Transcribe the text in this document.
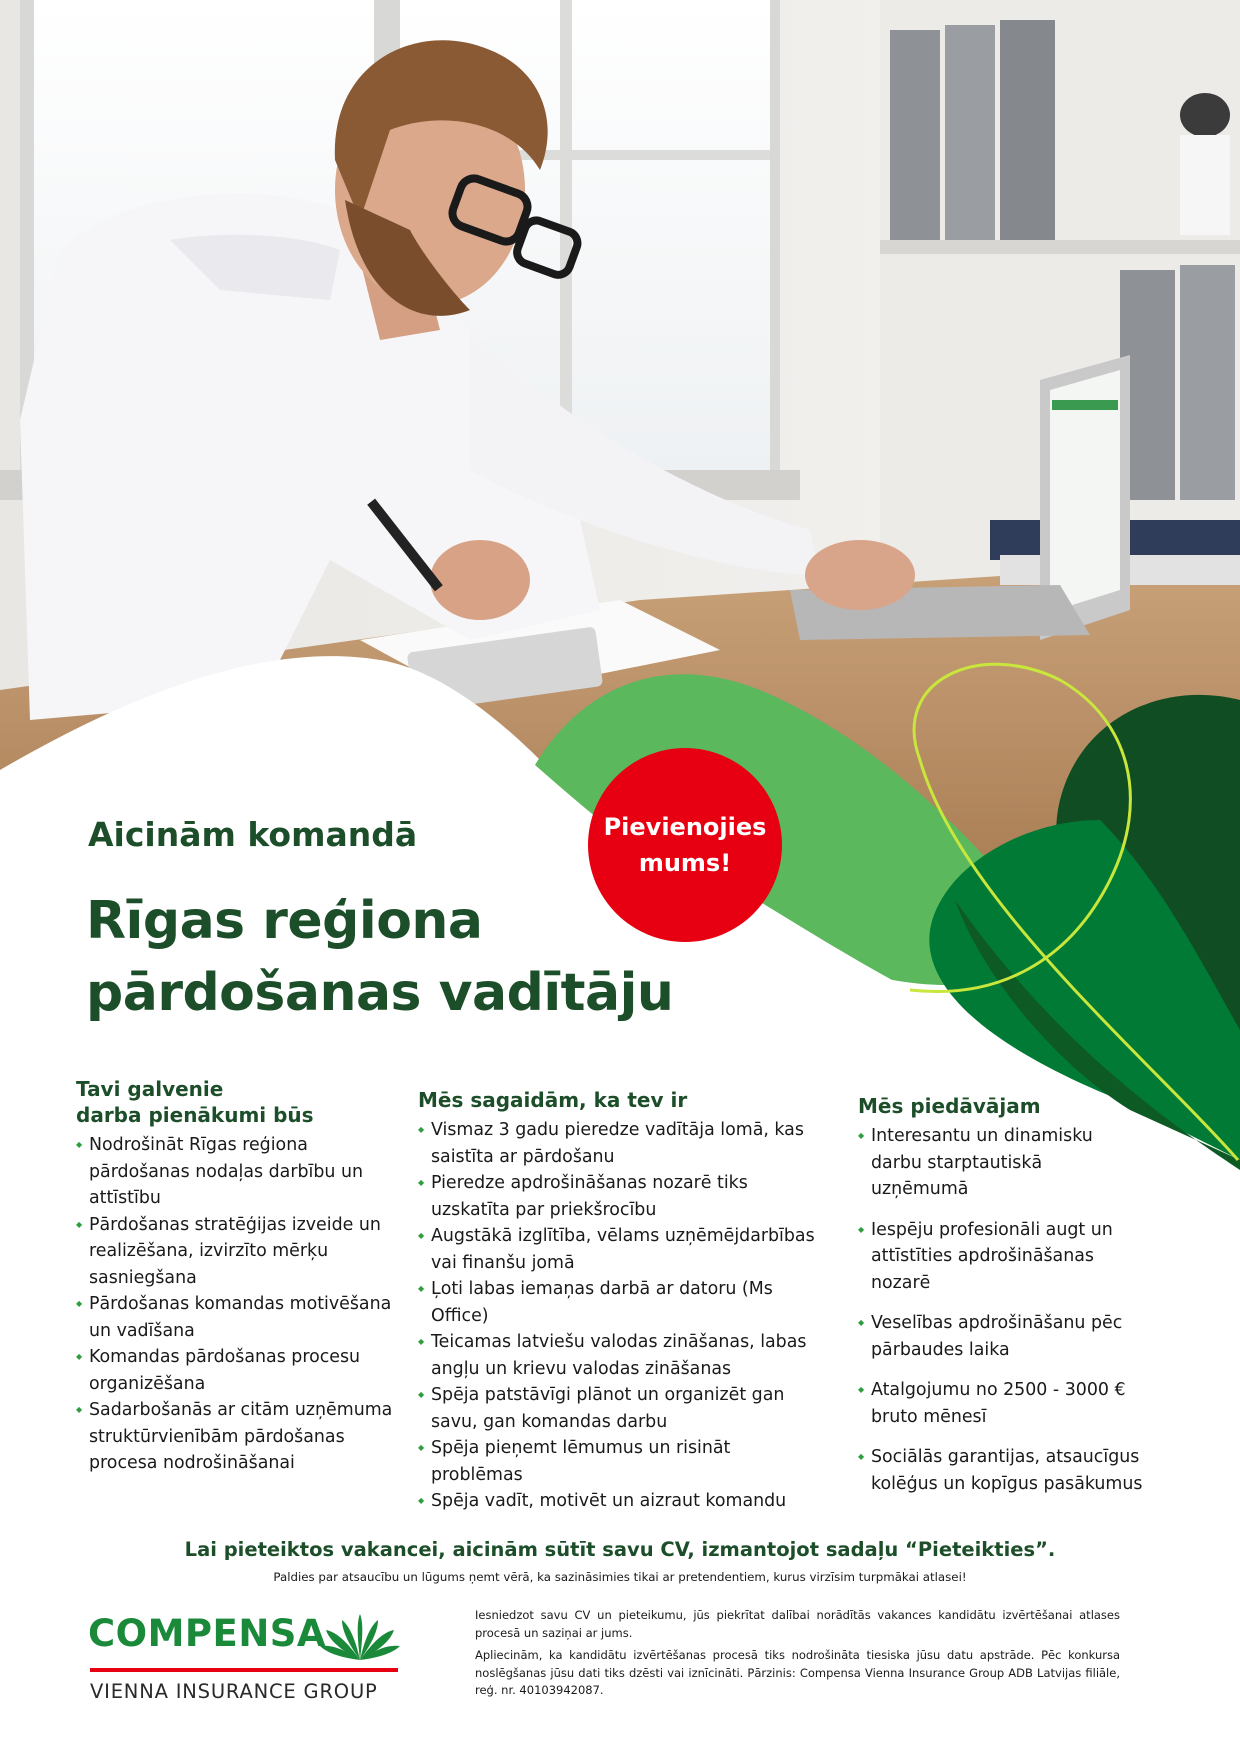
Pievienojies
mums!
Aicinām komandā
Rīgas reģiona
pārdošanas vadītāju
Tavi galvenie
darba pienākumi būs
◆ Nodrošināt Rīgas reģiona pārdošanas nodaļas darbību un attīstību
◆ Pārdošanas stratēģijas izveide un realizēšana, izvirzīto mērķu sasniegšana
◆ Pārdošanas komandas motivēšana un vadīšana
◆ Komandas pārdošanas procesu organizēšana
◆ Sadarbošanās ar citām uzņēmuma struktūrvienībām pārdošanas procesa nodrošināšanai
Mēs sagaidām, ka tev ir
◆ Vismaz 3 gadu pieredze vadītāja lomā, kas saistīta ar pārdošanu
◆ Pieredze apdrošināšanas nozarē tiks uzskatīta par priekšrocību
◆ Augstākā izglītība, vēlams uzņēmējdarbības vai finanšu jomā
◆ Ļoti labas iemaņas darbā ar datoru (Ms Office)
◆ Teicamas latviešu valodas zināšanas, labas angļu un krievu valodas zināšanas
◆ Spēja patstāvīgi plānot un organizēt gan savu, gan komandas darbu
◆ Spēja pieņemt lēmumus un risināt problēmas
◆ Spēja vadīt, motivēt un aizraut komandu
Mēs piedāvājam
◆ Interesantu un dinamisku darbu starptautiskā uzņēmumā
◆ Iespēju profesionāli augt un attīstīties apdrošināšanas nozarē
◆ Veselības apdrošināšanu pēc pārbaudes laika
◆ Atalgojumu no 2500 - 3000 € bruto mēnesī
◆ Sociālās garantijas, atsaucīgus kolēģus un kopīgus pasākumus
Lai pieteiktos vakancei, aicinām sūtīt savu CV, izmantojot sadaļu “Pieteikties”.
Paldies par atsaucību un lūgums ņemt vērā, ka sazināsimies tikai ar pretendentiem, kurus virzīsim turpmākai atlasei!
COMPENSA
VIENNA INSURANCE GROUP

Iesniedzot savu CV un pieteikumu, jūs piekrītat dalībai norādītās vakances kandidātu izvērtēšanai atlases procesā un saziņai ar jums.

Apliecinām, ka kandidātu izvērtēšanas procesā tiks nodrošināta tiesiska jūsu datu apstrāde. Pēc konkursa noslēgšanas jūsu dati tiks dzēsti vai iznīcināti. Pārzinis: Compensa Vienna Insurance Group ADB Latvijas filiāle, reģ. nr. 40103942087.
